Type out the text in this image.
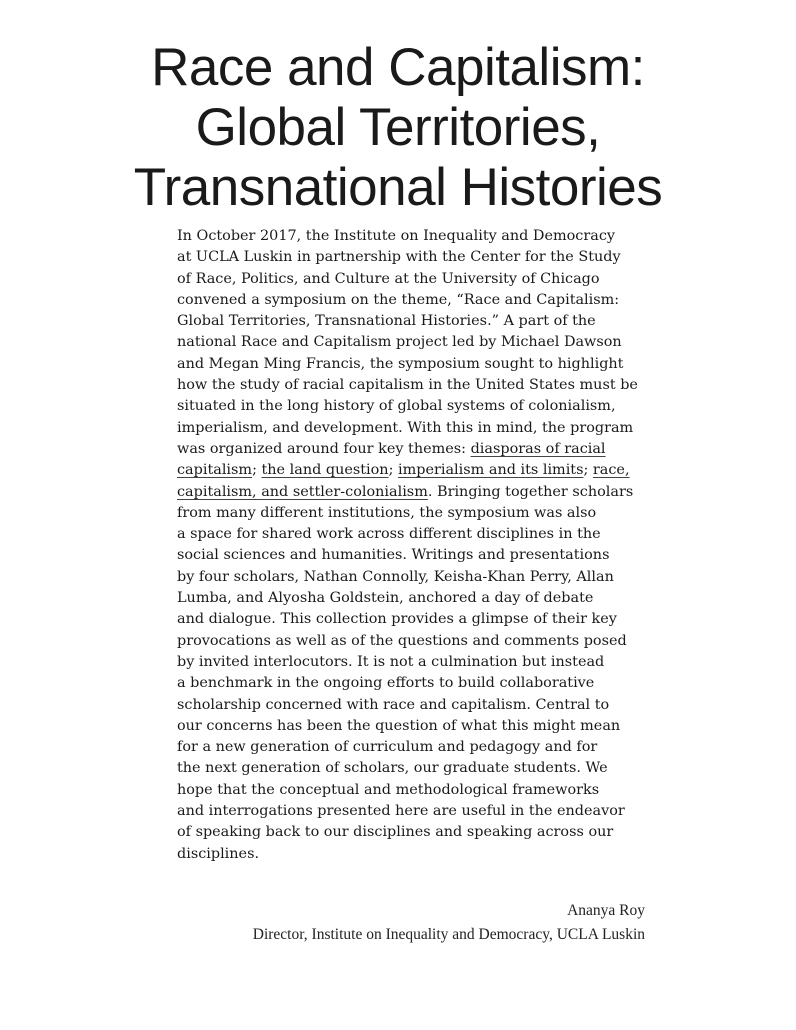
Race and Capitalism:
Global Territories,
Transnational Histories
In October 2017, the Institute on Inequality and Democracy
at UCLA Luskin in partnership with the Center for the Study
of Race, Politics, and Culture at the University of Chicago
convened a symposium on the theme, “Race and Capitalism:
Global Territories, Transnational Histories.” A part of the
national Race and Capitalism project led by Michael Dawson
and Megan Ming Francis, the symposium sought to highlight
how the study of racial capitalism in the United States must be
situated in the long history of global systems of colonialism,
imperialism, and development. With this in mind, the program
was organized around four key themes: diasporas of racial
capitalism; the land question; imperialism and its limits; race,
capitalism, and settler-colonialism. Bringing together scholars
from many different institutions, the symposium was also
a space for shared work across different disciplines in the
social sciences and humanities. Writings and presentations
by four scholars, Nathan Connolly, Keisha-Khan Perry, Allan
Lumba, and Alyosha Goldstein, anchored a day of debate
and dialogue. This collection provides a glimpse of their key
provocations as well as of the questions and comments posed
by invited interlocutors. It is not a culmination but instead
a benchmark in the ongoing efforts to build collaborative
scholarship concerned with race and capitalism. Central to
our concerns has been the question of what this might mean
for a new generation of curriculum and pedagogy and for
the next generation of scholars, our graduate students. We
hope that the conceptual and methodological frameworks
and interrogations presented here are useful in the endeavor
of speaking back to our disciplines and speaking across our
disciplines.
Ananya Roy
Director, Institute on Inequality and Democracy, UCLA Luskin
